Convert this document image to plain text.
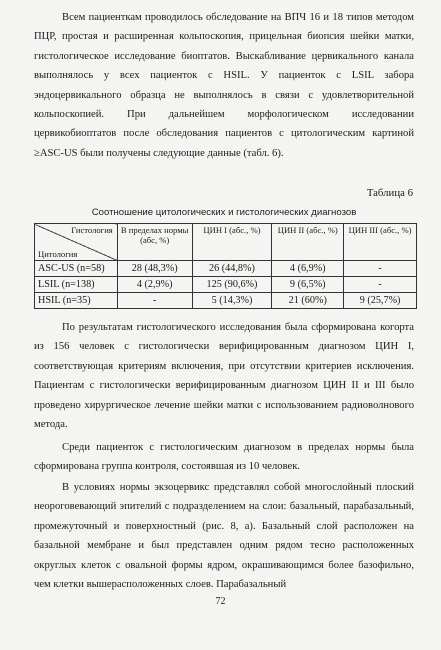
Всем пациенткам проводилось обследование на ВПЧ 16 и 18 типов методом ПЦР, простая и расширенная кольпоскопия, прицельная биопсия шейки матки, гистологическое исследование биоптатов. Выскабливание цервикального канала выполнялось у всех пациенток с HSIL. У пациенток с LSIL забора эндоцервикального образца не выполнялось в связи с удовлетворительной кольпоскопией. При дальнейшем морфологическом исследовании цервикобиоптатов после обследования пациентов с цитологическим картиной ≥ASC-US были получены следующие данные (табл. 6).
Таблица 6
Соотношение цитологических и гистологических диагнозов
Гистология
Цитология	В пределах нормы (абс, %)	ЦИН I (абс., %)	ЦИН II (абс., %)	ЦИН III (абс., %)
ASC-US (n=58)	28 (48,3%)	26 (44,8%)	4 (6,9%)	-
LSIL (n=138)	4 (2,9%)	125 (90,6%)	9 (6,5%)	-
HSIL (n=35)	-	5 (14,3%)	21 (60%)	9 (25,7%)
По результатам гистологического исследования была сформирована когорта из 156 человек с гистологически верифицированным диагнозом ЦИН I, соответствующая критериям включения, при отсутствии критериев исключения. Пациентам с гистологически верифицированным диагнозом ЦИН II и III было проведено хирургическое лечение шейки матки с использованием радиоволнового метода.
Среди пациенток с гистологическим диагнозом в пределах нормы была сформирована группа контроля, состоявшая из 10 человек.
В условиях нормы экзоцервикс представлял собой многослойный плоский неороговевающий эпителий с подразделением на слои: базальный, парабазальный, промежуточный и поверхностный (рис. 8, а). Базальный слой расположен на базальной мембране и был представлен одним рядом тесно расположенных округлых клеток с овальной формы ядром, окрашивающимся более базофильно, чем клетки вышерасположенных слоев. Парабазальный
72
